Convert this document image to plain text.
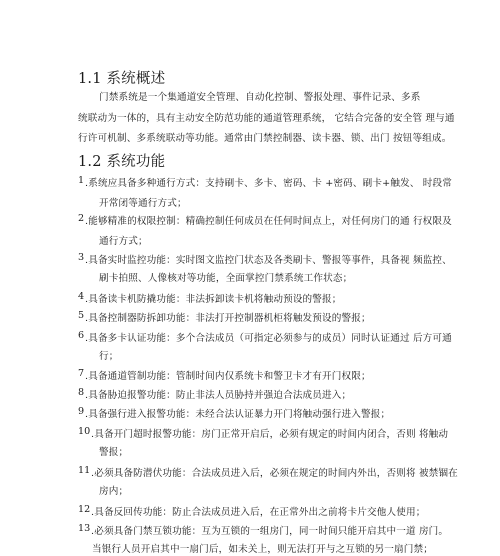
1.1 系统概述
门禁系统是一个集通道安全管理、自动化控制、警报处理、事件记录、多系
统联动为一体的，具有主动安全防范功能的通道管理系统， 它结合完备的安全管 理与通
行许可机制、多系统联动等功能。通常由门禁控制器、读卡器、锁、出门 按钮等组成。
1.2 系统功能
1 .系统应具备多种通行方式：支持刷卡、多卡、密码、卡 +密码、刷卡+触发、 时段常
开常闭等通行方式；
2 .能够精准的权限控制：精确控制任何成员在任何时间点上，对任何房门的通 行权限及
通行方式；
3 .具备实时监控功能：实时图文监控门状态及各类刷卡、警报等事件，具备视 频监控、
刷卡拍照、人像核对等功能，全面掌控门禁系统工作状态；
4 .具备读卡机防撬功能：非法拆卸读卡机将触动预设的警报；
5 .具备控制器防拆卸功能：非法打开控制器机柜将触发预设的警报；
6 .具备多卡认证功能：多个合法成员（可指定必须参与的成员）同时认证通过 后方可通
行；
7 .具备通道管制功能：管制时间内仅系统卡和警卫卡才有开门权限；
8 .具备胁迫报警功能：防止非法人员胁持并强迫合法成员进入；
9 .具备强行进入报警功能：未经合法认证暴力开门将触动强行进入警报；
10 .具备开门超时报警功能：房门正常开启后，必须有规定的时间内闭合，否则 将触动
警报；
11 .必须具备防潜伏功能：合法成员进入后，必须在规定的时间内外出，否则将 被禁锢在
房内；
12 .具备反回传功能：防止合法成员进入后，在正常外出之前将卡片交他人使用；
13 .必须具备门禁互锁功能：互为互锁的一组房门，同一时间只能开启其中一道 房门。
当银行人员开启其中一扇门后，如未关上，则无法打开与之互锁的另一扇门禁；
